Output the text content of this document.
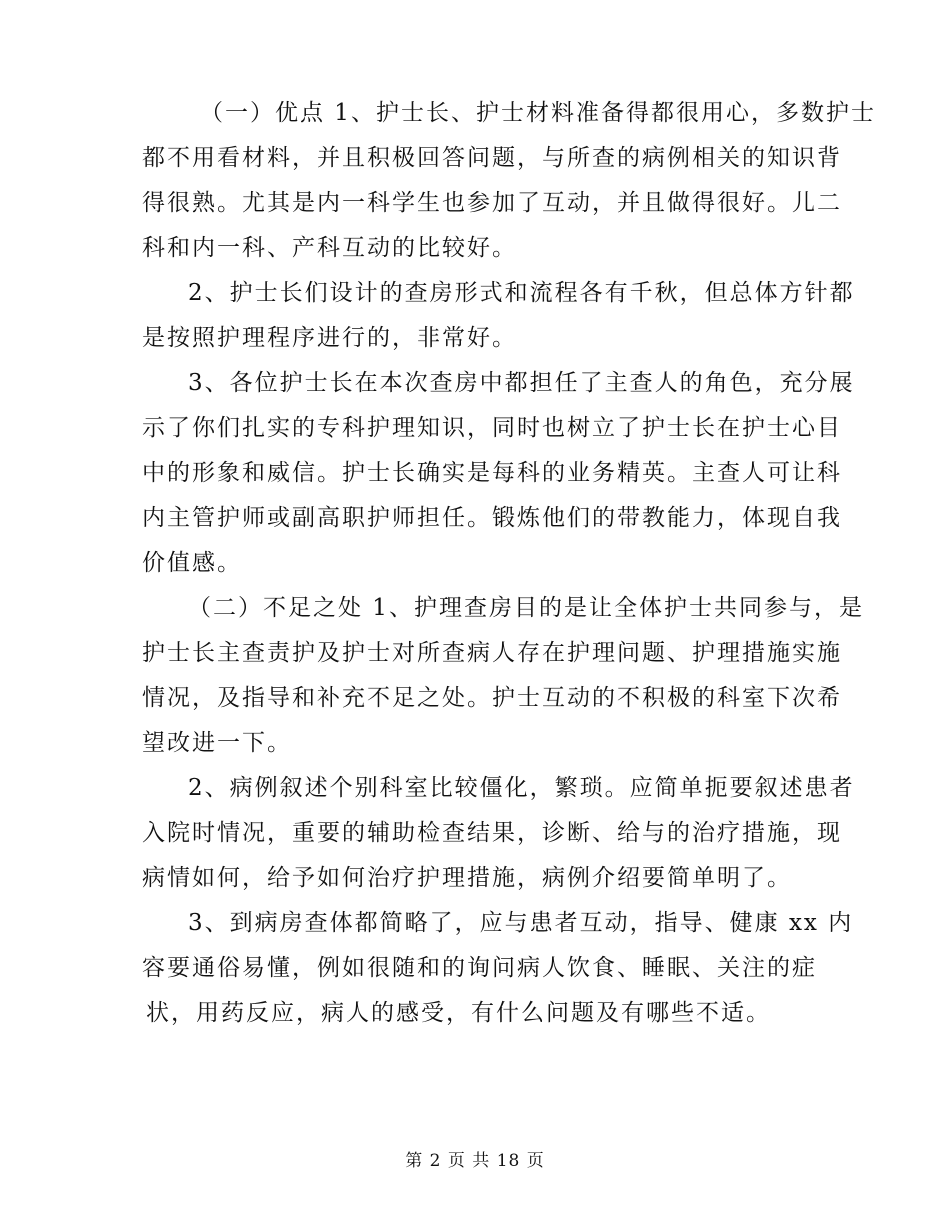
（一）优点 1、护士长、护士材料准备得都很用心，多数护士
都不用看材料，并且积极回答问题，与所查的病例相关的知识背
得很熟。尤其是内一科学生也参加了互动，并且做得很好。儿二
科和内一科、产科互动的比较好。
2、护士长们设计的查房形式和流程各有千秋，但总体方针都
是按照护理程序进行的，非常好。
3、各位护士长在本次查房中都担任了主查人的角色，充分展
示了你们扎实的专科护理知识，同时也树立了护士长在护士心目
中的形象和威信。护士长确实是每科的业务精英。主查人可让科
内主管护师或副高职护师担任。锻炼他们的带教能力，体现自我
价值感。
（二）不足之处 1、护理查房目的是让全体护士共同参与，是
护士长主查责护及护士对所查病人存在护理问题、护理措施实施
情况，及指导和补充不足之处。护士互动的不积极的科室下次希
望改进一下。
2、病例叙述个别科室比较僵化，繁琐。应简单扼要叙述患者
入院时情况，重要的辅助检查结果，诊断、给与的治疗措施，现
病情如何，给予如何治疗护理措施，病例介绍要简单明了。
3、到病房查体都简略了，应与患者互动，指导、健康 xx 内
容要通俗易懂，例如很随和的询问病人饮食、睡眠、关注的症
状，用药反应，病人的感受，有什么问题及有哪些不适。
第 2 页 共 18 页
